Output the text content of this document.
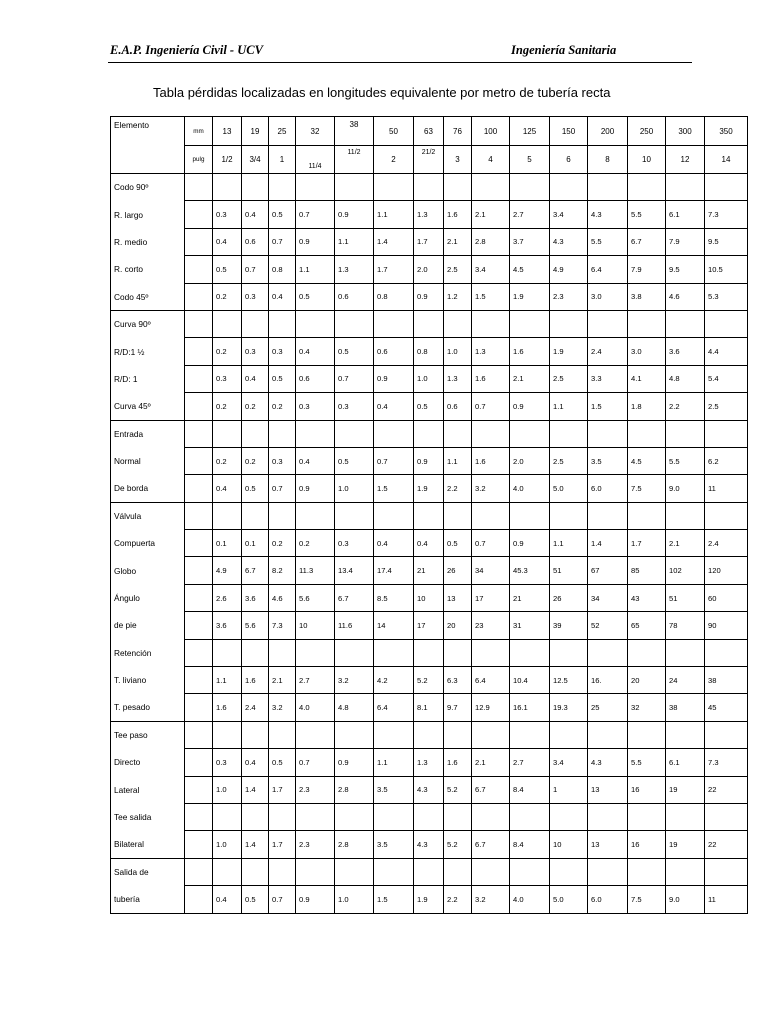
E.A.P. Ingeniería Civil - UCV	Ingeniería Sanitaria
Tabla pérdidas localizadas en longitudes equivalente por metro de tubería recta
Elemento	mm	13	19	25	32	38	50	63	76	100	125	150	200	250	300	350
	pulg	1/2	3/4	1	11/4	11/2	2	21/2	3	4	5	6	8	10	12	14
Codo 90º																
R. largo		0.3	0.4	0.5	0.7	0.9	1.1	1.3	1.6	2.1	2.7	3.4	4.3	5.5	6.1	7.3
R. medio		0.4	0.6	0.7	0.9	1.1	1.4	1.7	2.1	2.8	3.7	4.3	5.5	6.7	7.9	9.5
R. corto		0.5	0.7	0.8	1.1	1.3	1.7	2.0	2.5	3.4	4.5	4.9	6.4	7.9	9.5	10.5
Codo 45º		0.2	0.3	0.4	0.5	0.6	0.8	0.9	1.2	1.5	1.9	2.3	3.0	3.8	4.6	5.3
Curva 90º																
R/D:1 ½		0.2	0.3	0.3	0.4	0.5	0.6	0.8	1.0	1.3	1.6	1.9	2.4	3.0	3.6	4.4
R/D: 1		0.3	0.4	0.5	0.6	0.7	0.9	1.0	1.3	1.6	2.1	2.5	3.3	4.1	4.8	5.4
Curva 45º		0.2	0.2	0.2	0.3	0.3	0.4	0.5	0.6	0.7	0.9	1.1	1.5	1.8	2.2	2.5
Entrada																
Normal		0.2	0.2	0.3	0.4	0.5	0.7	0.9	1.1	1.6	2.0	2.5	3.5	4.5	5.5	6.2
De borda		0.4	0.5	0.7	0.9	1.0	1.5	1.9	2.2	3.2	4.0	5.0	6.0	7.5	9.0	11
Válvula																
Compuerta		0.1	0.1	0.2	0.2	0.3	0.4	0.4	0.5	0.7	0.9	1.1	1.4	1.7	2.1	2.4
Globo		4.9	6.7	8.2	11.3	13.4	17.4	21	26	34	45.3	51	67	85	102	120
Ángulo		2.6	3.6	4.6	5.6	6.7	8.5	10	13	17	21	26	34	43	51	60
de pie		3.6	5.6	7.3	10	11.6	14	17	20	23	31	39	52	65	78	90
Retención																
T. liviano		1.1	1.6	2.1	2.7	3.2	4.2	5.2	6.3	6.4	10.4	12.5	16.	20	24	38
T. pesado		1.6	2.4	3.2	4.0	4.8	6.4	8.1	9.7	12.9	16.1	19.3	25	32	38	45
Tee paso																
Directo		0.3	0.4	0.5	0.7	0.9	1.1	1.3	1.6	2.1	2.7	3.4	4.3	5.5	6.1	7.3
Lateral		1.0	1.4	1.7	2.3	2.8	3.5	4.3	5.2	6.7	8.4	1	13	16	19	22
Tee salida																
Bilateral		1.0	1.4	1.7	2.3	2.8	3.5	4.3	5.2	6.7	8.4	10	13	16	19	22
Salida de																
tubería		0.4	0.5	0.7	0.9	1.0	1.5	1.9	2.2	3.2	4.0	5.0	6.0	7.5	9.0	11
